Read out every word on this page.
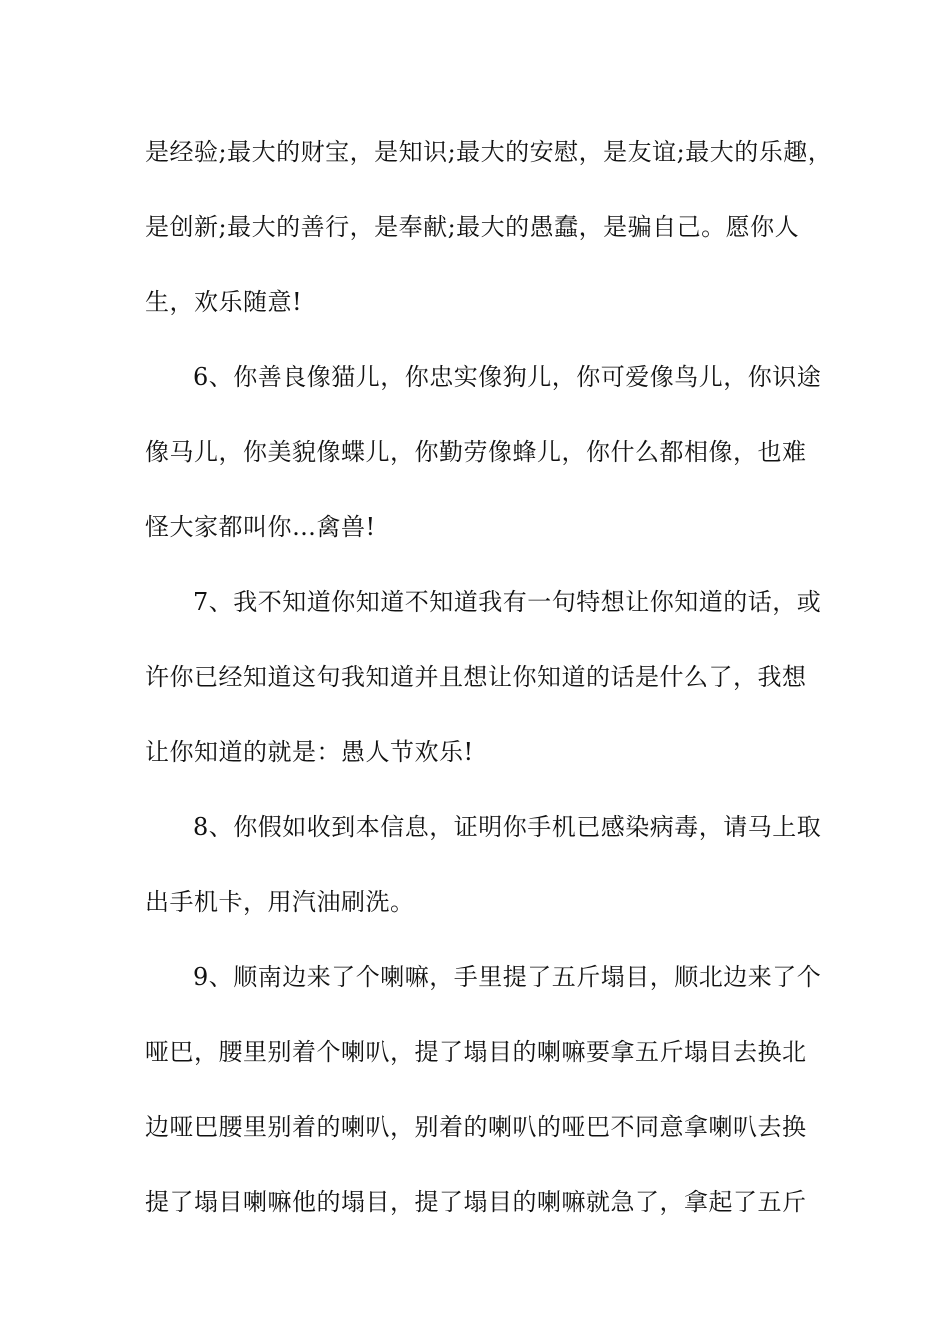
是经验;最大的财宝，是知识;最大的安慰，是友谊;最大的乐趣，
是创新;最大的善行，是奉献;最大的愚蠢，是骗自己。愿你人
生，欢乐随意!
6、你善良像猫儿，你忠实像狗儿，你可爱像鸟儿，你识途
像马儿，你美貌像蝶儿，你勤劳像蜂儿，你什么都相像，也难
怪大家都叫你…禽兽!
7、我不知道你知道不知道我有一句特想让你知道的话，或
许你已经知道这句我知道并且想让你知道的话是什么了，我想
让你知道的就是：愚人节欢乐!
8、你假如收到本信息，证明你手机已感染病毒，请马上取
出手机卡，用汽油刷洗。
9、顺南边来了个喇嘛，手里提了五斤塌目，顺北边来了个
哑巴，腰里别着个喇叭，提了塌目的喇嘛要拿五斤塌目去换北
边哑巴腰里别着的喇叭，别着的喇叭的哑巴不同意拿喇叭去换
提了塌目喇嘛他的塌目，提了塌目的喇嘛就急了，拿起了五斤
